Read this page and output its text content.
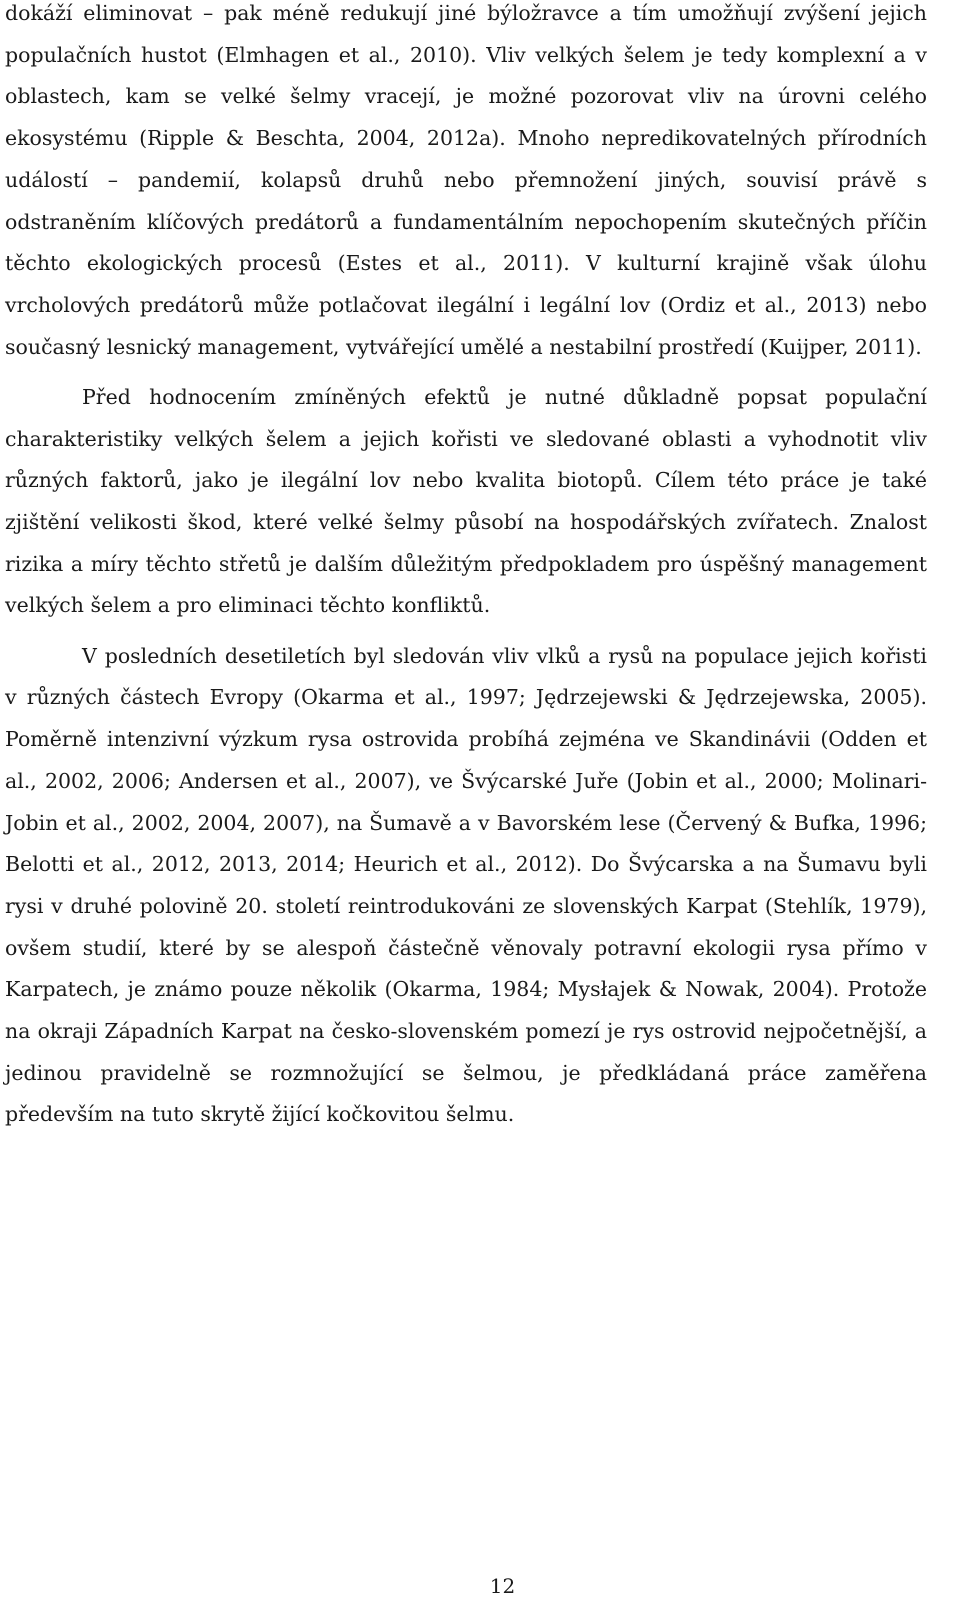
dokáží eliminovat – pak méně redukují jiné býložravce a tím umožňují zvýšení jejich populačních hustot (Elmhagen et al., 2010). Vliv velkých šelem je tedy komplexní a v oblastech, kam se velké šelmy vracejí, je možné pozorovat vliv na úrovni celého ekosystému (Ripple & Beschta, 2004, 2012a). Mnoho nepredikovatelných přírodních událostí – pandemií, kolapsů druhů nebo přemnožení jiných, souvisí právě s odstraněním klíčových predátorů a fundamentálním nepochopením skutečných příčin těchto ekologických procesů (Estes et al., 2011). V kulturní krajině však úlohu vrcholových predátorů může potlačovat ilegální i legální lov (Ordiz et al., 2013) nebo současný lesnický management, vytvářející umělé a nestabilní prostředí (Kuijper, 2011).

Před hodnocením zmíněných efektů je nutné důkladně popsat populační charakteristiky velkých šelem a jejich kořisti ve sledované oblasti a vyhodnotit vliv různých faktorů, jako je ilegální lov nebo kvalita biotopů. Cílem této práce je také zjištění velikosti škod, které velké šelmy působí na hospodářských zvířatech. Znalost rizika a míry těchto střetů je dalším důležitým předpokladem pro úspěšný management velkých šelem a pro eliminaci těchto konfliktů.

V posledních desetiletích byl sledován vliv vlků a rysů na populace jejich kořisti v různých částech Evropy (Okarma et al., 1997; Jędrzejewski & Jędrzejewska, 2005). Poměrně intenzivní výzkum rysa ostrovida probíhá zejména ve Skandinávii (Odden et al., 2002, 2006; Andersen et al., 2007), ve Švýcarské Juře (Jobin et al., 2000; Molinari-Jobin et al., 2002, 2004, 2007), na Šumavě a v Bavorském lese (Červený & Bufka, 1996; Belotti et al., 2012, 2013, 2014; Heurich et al., 2012). Do Švýcarska a na Šumavu byli rysi v druhé polovině 20. století reintrodukováni ze slovenských Karpat (Stehlík, 1979), ovšem studií, které by se alespoň částečně věnovaly potravní ekologii rysa přímo v Karpatech, je známo pouze několik (Okarma, 1984; Mysłajek & Nowak, 2004). Protože na okraji Západních Karpat na česko-slovenském pomezí je rys ostrovid nejpočetnější, a jedinou pravidelně se rozmnožující se šelmou, je předkládaná práce zaměřena především na tuto skrytě žijící kočkovitou šelmu.

12
